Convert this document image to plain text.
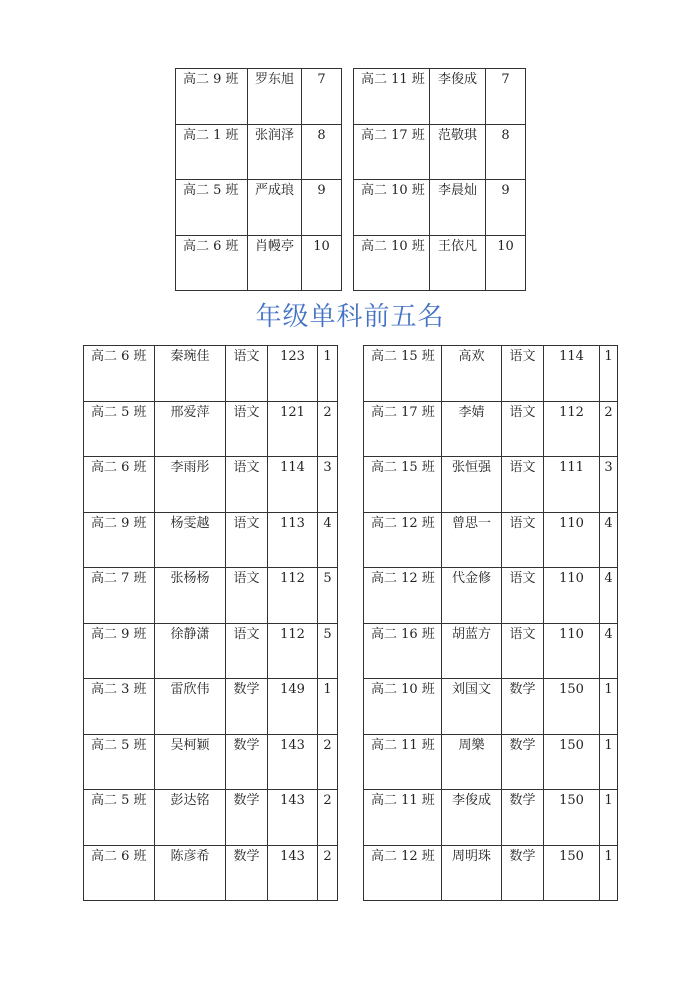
高二 9 班	罗东旭	7
高二 1 班	张润泽	8
高二 5 班	严成琅	9
高二 6 班	肖幔亭	10
高二 11 班	李俊成	7
高二 17 班	范敬琪	8
高二 10 班	李晨灿	9
高二 10 班	王依凡	10
年级单科前五名
高二 6 班	秦琬佳	语文	123	1
高二 5 班	邢爱萍	语文	121	2
高二 6 班	李雨彤	语文	114	3
高二 9 班	杨雯越	语文	113	4
高二 7 班	张杨杨	语文	112	5
高二 9 班	徐静潇	语文	112	5
高二 3 班	雷欣伟	数学	149	1
高二 5 班	吴柯颖	数学	143	2
高二 5 班	彭达铭	数学	143	2
高二 6 班	陈彦希	数学	143	2
高二 15 班	高欢	语文	114	1
高二 17 班	李婧	语文	112	2
高二 15 班	张恒强	语文	111	3
高二 12 班	曾思一	语文	110	4
高二 12 班	代金修	语文	110	4
高二 16 班	胡蓝方	语文	110	4
高二 10 班	刘国文	数学	150	1
高二 11 班	周樂	数学	150	1
高二 11 班	李俊成	数学	150	1
高二 12 班	周明珠	数学	150	1
